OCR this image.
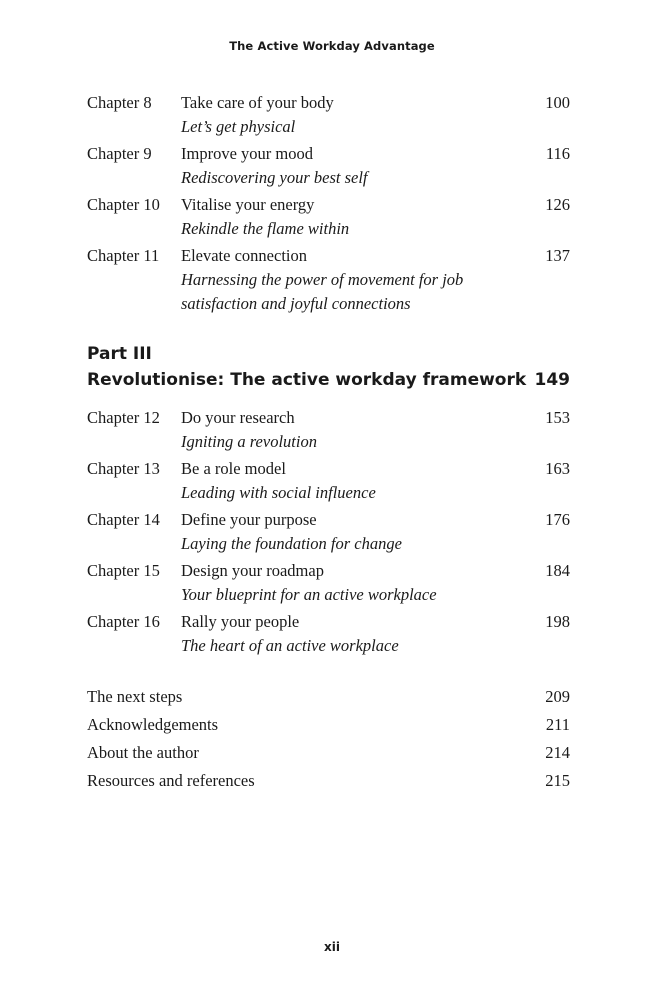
The Active Workday Advantage
Chapter 8 Take care of your body	100
Let’s get physical
Chapter 9 Improve your mood	116
Rediscovering your best self
Chapter 10 Vitalise your energy	126
Rekindle the flame within
Chapter 11 Elevate connection	137
Harnessing the power of movement for job satisfaction and joyful connections
Part III
Revolutionise: The active workday framework 149
Chapter 12 Do your research	153
Igniting a revolution
Chapter 13 Be a role model	163
Leading with social influence
Chapter 14 Define your purpose	176
Laying the foundation for change
Chapter 15 Design your roadmap	184
Your blueprint for an active workplace
Chapter 16 Rally your people	198
The heart of an active workplace
The next steps	209
Acknowledgements	211
About the author	214
Resources and references	215
xii
